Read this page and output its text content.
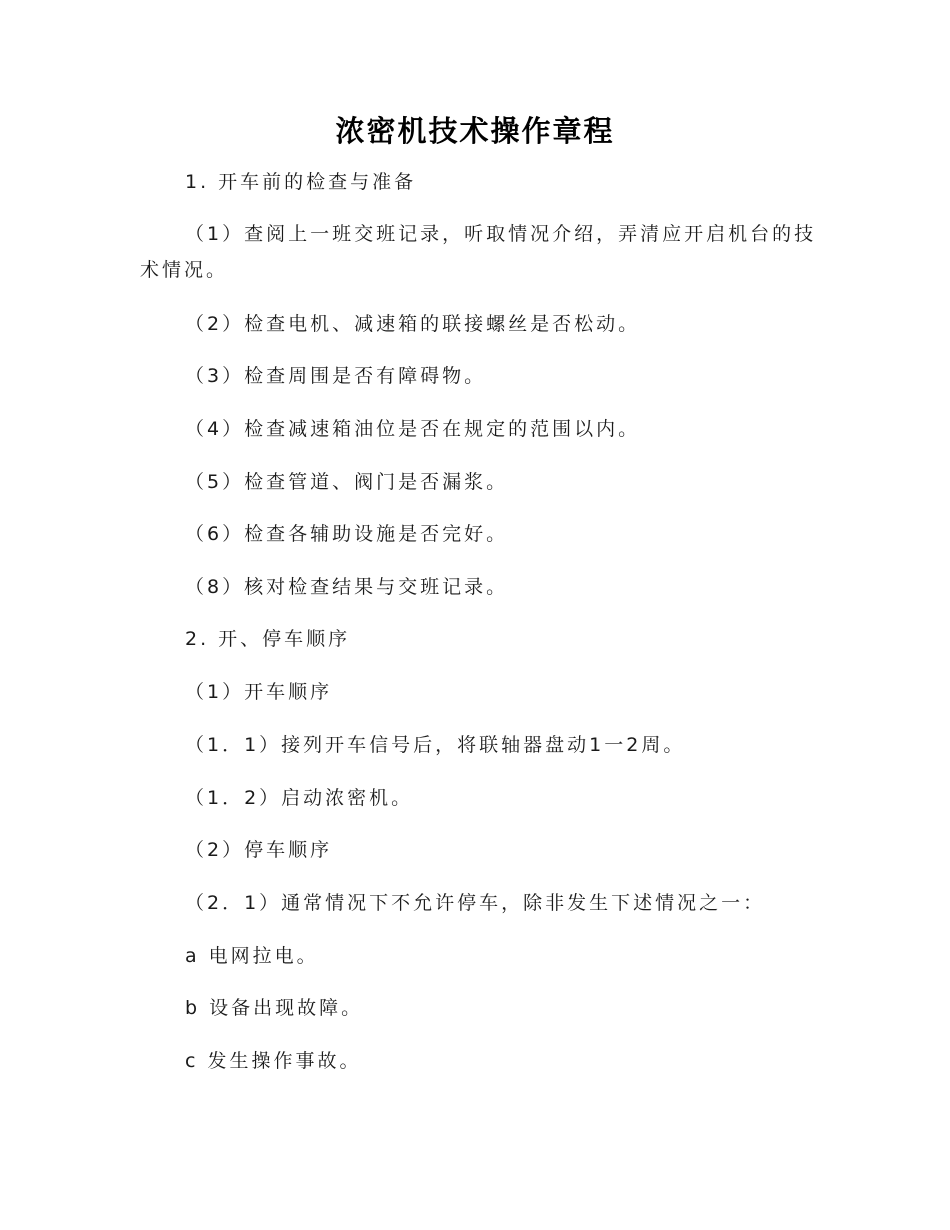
浓密机技术操作章程
1. 开车前的检查与准备
（1）查阅上一班交班记录，听取情况介绍，弄清应开启机台的技术情况。
（2）检查电机、减速箱的联接螺丝是否松动。
（3）检查周围是否有障碍物。
（4）检查减速箱油位是否在规定的范围以内。
（5）检查管道、阀门是否漏浆。
（6）检查各辅助设施是否完好。
（8）核对检查结果与交班记录。
2. 开、停车顺序
（1）开车顺序
（1．1）接列开车信号后，将联轴器盘动1一2周。
（1．2）启动浓密机。
（2）停车顺序
（2．1）通常情况下不允许停车，除非发生下述情况之一：
a 电网拉电。
b 设备出现故障。
c 发生操作事故。
